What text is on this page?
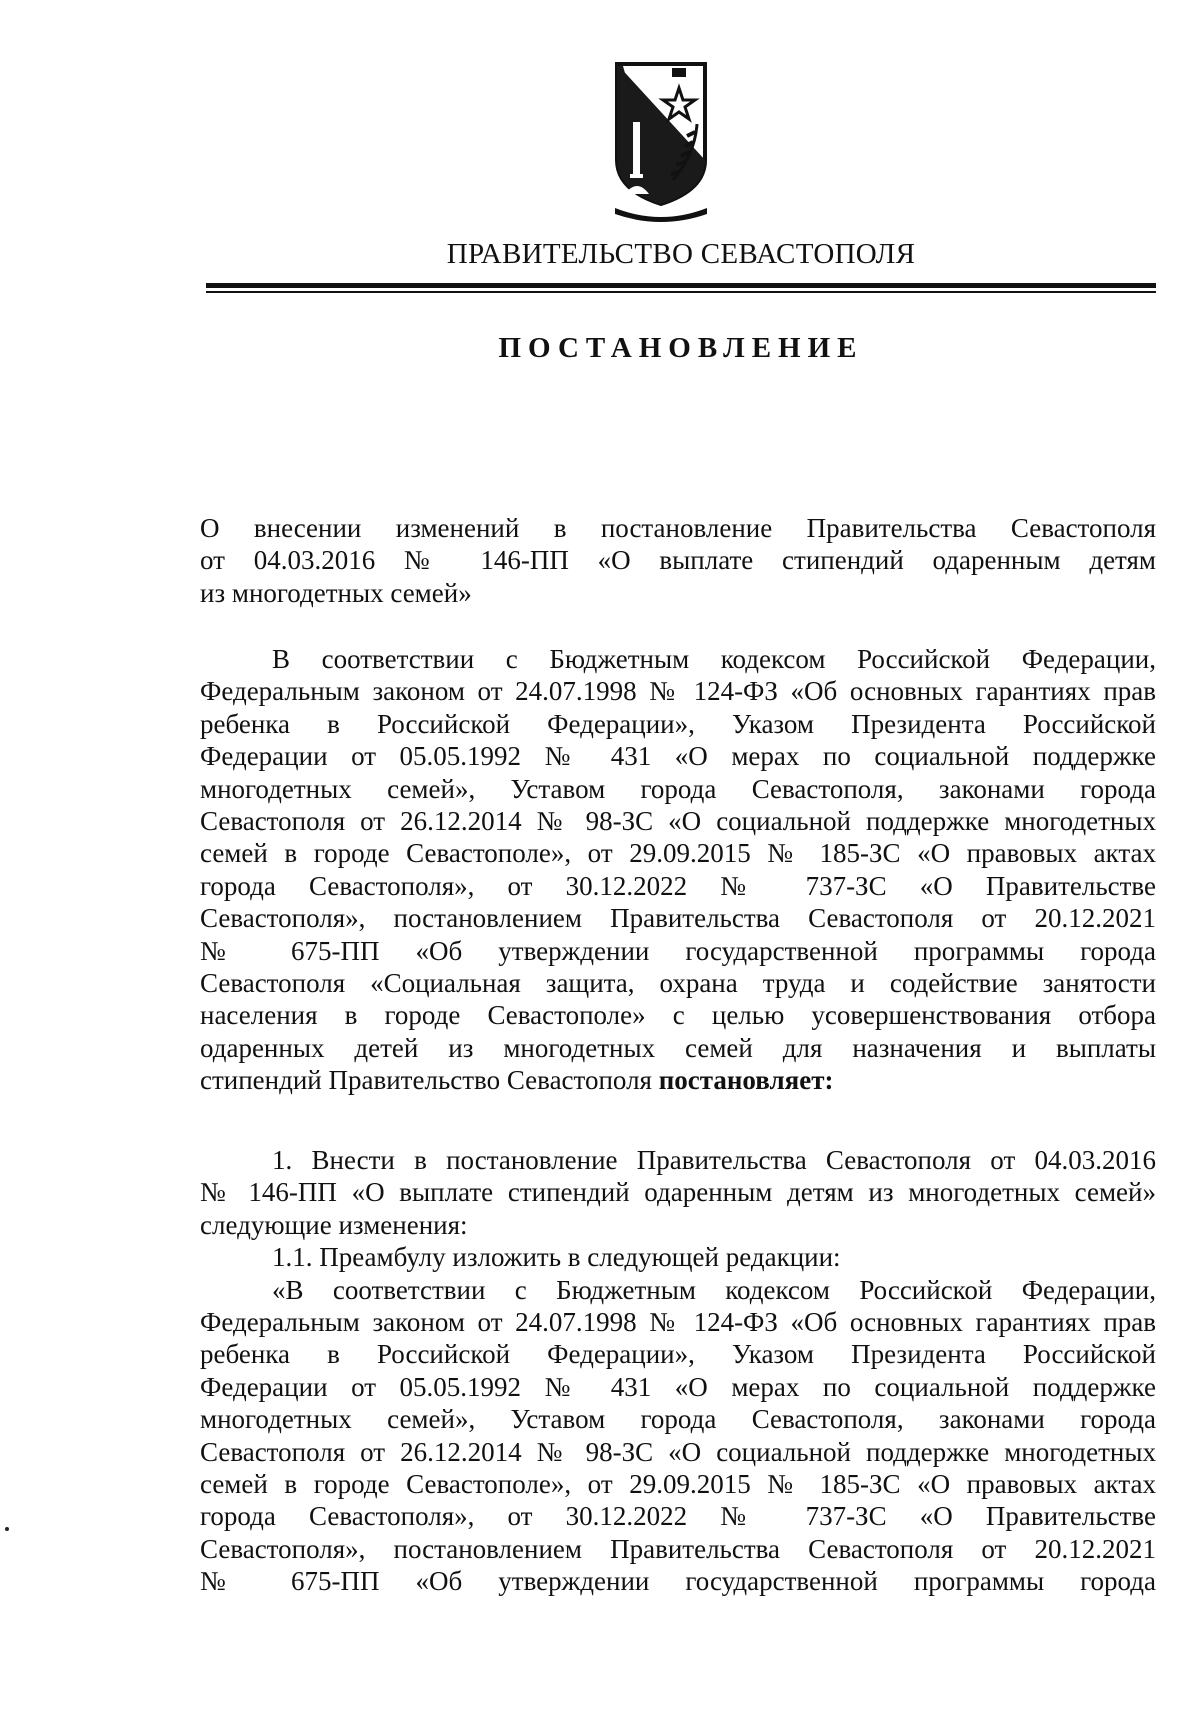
ПРАВИТЕЛЬСТВО СЕВАСТОПОЛЯ
ПОСТАНОВЛЕНИЕ

О внесении изменений в постановление Правительства Севастополя

от 04.03.2016 № 146-ПП «О выплате стипендий одаренным детям

из многодетных семей»

В соответствии с Бюджетным кодексом Российской Федерации,

Федеральным законом от 24.07.1998 № 124-ФЗ «Об основных гарантиях прав

ребенка в Российской Федерации», Указом Президента Российской

Федерации от 05.05.1992 № 431 «О мерах по социальной поддержке

многодетных семей», Уставом города Севастополя, законами города

Севастополя от 26.12.2014 № 98-ЗС «О социальной поддержке многодетных

семей в городе Севастополе», от 29.09.2015 № 185-ЗС «О правовых актах

города Севастополя», от 30.12.2022 № 737-ЗС «О Правительстве

Севастополя», постановлением Правительства Севастополя от 20.12.2021

№ 675-ПП «Об утверждении государственной программы города

Севастополя «Социальная защита, охрана труда и содействие занятости

населения в городе Севастополе» с целью усовершенствования отбора

одаренных детей из многодетных семей для назначения и выплаты

стипендий Правительство Севастополя постановляет:

1. Внести в постановление Правительства Севастополя от 04.03.2016

№ 146-ПП «О выплате стипендий одаренным детям из многодетных семей»

следующие изменения:

1.1. Преамбулу изложить в следующей редакции:

«В соответствии с Бюджетным кодексом Российской Федерации,

Федеральным законом от 24.07.1998 № 124-ФЗ «Об основных гарантиях прав

ребенка в Российской Федерации», Указом Президента Российской

Федерации от 05.05.1992 № 431 «О мерах по социальной поддержке

многодетных семей», Уставом города Севастополя, законами города

Севастополя от 26.12.2014 № 98-ЗС «О социальной поддержке многодетных

семей в городе Севастополе», от 29.09.2015 № 185-ЗС «О правовых актах

города Севастополя», от 30.12.2022 № 737-ЗС «О Правительстве

Севастополя», постановлением Правительства Севастополя от 20.12.2021

№ 675-ПП «Об утверждении государственной программы города
